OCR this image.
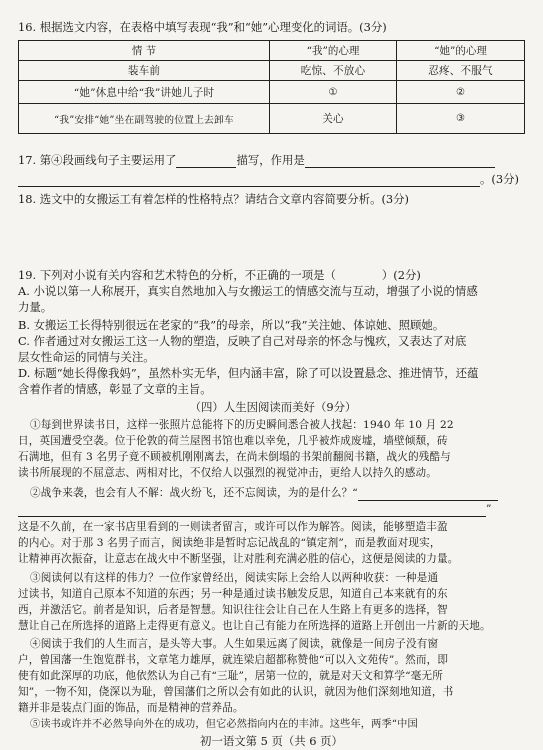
16. 根据选文内容，在表格中填写表现“我”和“她”心理变化的词语。(3分)
情 节	“我”的心理	“她”的心理
装车前	吃惊、不放心	忍疼、不服气
“她”休息中给“我”讲她儿子时	①	②
“我”安排“她”坐在副驾驶的位置上去卸车	关心	③
17. 第④段画线句子主要运用了	描写，作用是
。(3分)
18. 选文中的女搬运工有着怎样的性格特点？请结合文章内容简要分析。(3分)
19. 下列对小说有关内容和艺术特色的分析，不正确的一项是（	）(2分)
A. 小说以第一人称展开，真实自然地加入与女搬运工的情感交流与互动，增强了小说的情感
力量。
B. 女搬运工长得特别很远在老家的“我”的母亲，所以“我”关注她、体谅她、照顾她。
C. 作者通过对女搬运工这一人物的塑造，反映了自己对母亲的怀念与愧疚，又表达了对底
层女性命运的同情与关注。
D. 标题“她长得像我妈”，虽然朴实无华，但内涵丰富，除了可以设置悬念、推进情节，还蕴
含着作者的情感，彰显了文章的主旨。
（四）人生因阅读而美好（9分）
①每到世界读书日，这样一张照片总能将下的历史瞬间悉合被人找起：1940 年 10 月 22
日，英国遭受空袭。位于伦敦的荷兰屋图书馆也难以幸免，几乎被炸成废墟，墙壁倾颓，砖
石满地，但有 3 名男子竟不顾被机刚刚离去，在尚未倒塌的书架前翻阅书籍，战火的残酷与
读书所展现的不屈意志、两相对比，不仅给人以强烈的视觉冲击，更给人以持久的感动。
②战争来袭，也会有人不解：战火纷飞，还不忘阅读，为的是什么？“
”
这是不久前，在一家书店里看到的一则读者留言，或许可以作为解答。阅读，能够塑造丰盈
的内心。对于那 3 名男子而言，阅读绝非是暂时忘记战乱的“镇定剂”，而是教面对现实，
让精神再次振奋，让意志在战火中不断坚强，让对胜利充满必胜的信心，这便是阅读的力量。
③阅读何以有这样的伟力？一位作家曾经出，阅读实际上会给人以两种收获：一种是通
过读书，知道自己原本不知道的东西；另一种是通过读书触发反思，知道自己本来就有的东
西，并激活它。前者是知识，后者是智慧。知识往往会让自己在人生路上有更多的选择，智
慧让自己在所选择的道路上走得更有意义。也让自己有能力在所选择的道路上开创出一片新的天地。
④阅读于我们的人生而言，是头等大事。人生如果远离了阅读，就像是一间房子没有窗
户，曾国藩一生饱览群书，文章笔力雄厚，就连梁启超都称赞他“可以入文苑传”。然而，即
使有如此深厚的功底，他依然认为自己有“三耻”，居第一位的，就是对天文和算学“毫无所
知”，一物不知，侥深以为耻，曾国藩们之所以会有如此的认识，就因为他们深刻地知道，书
籍并非是装点门面的饰品，而是精神的营养品。
⑤读书或许并不必然导向外在的成功，但它必然指向内在的丰沛。这些年，两季“中国
初一语文第 5 页（共 6 页）
